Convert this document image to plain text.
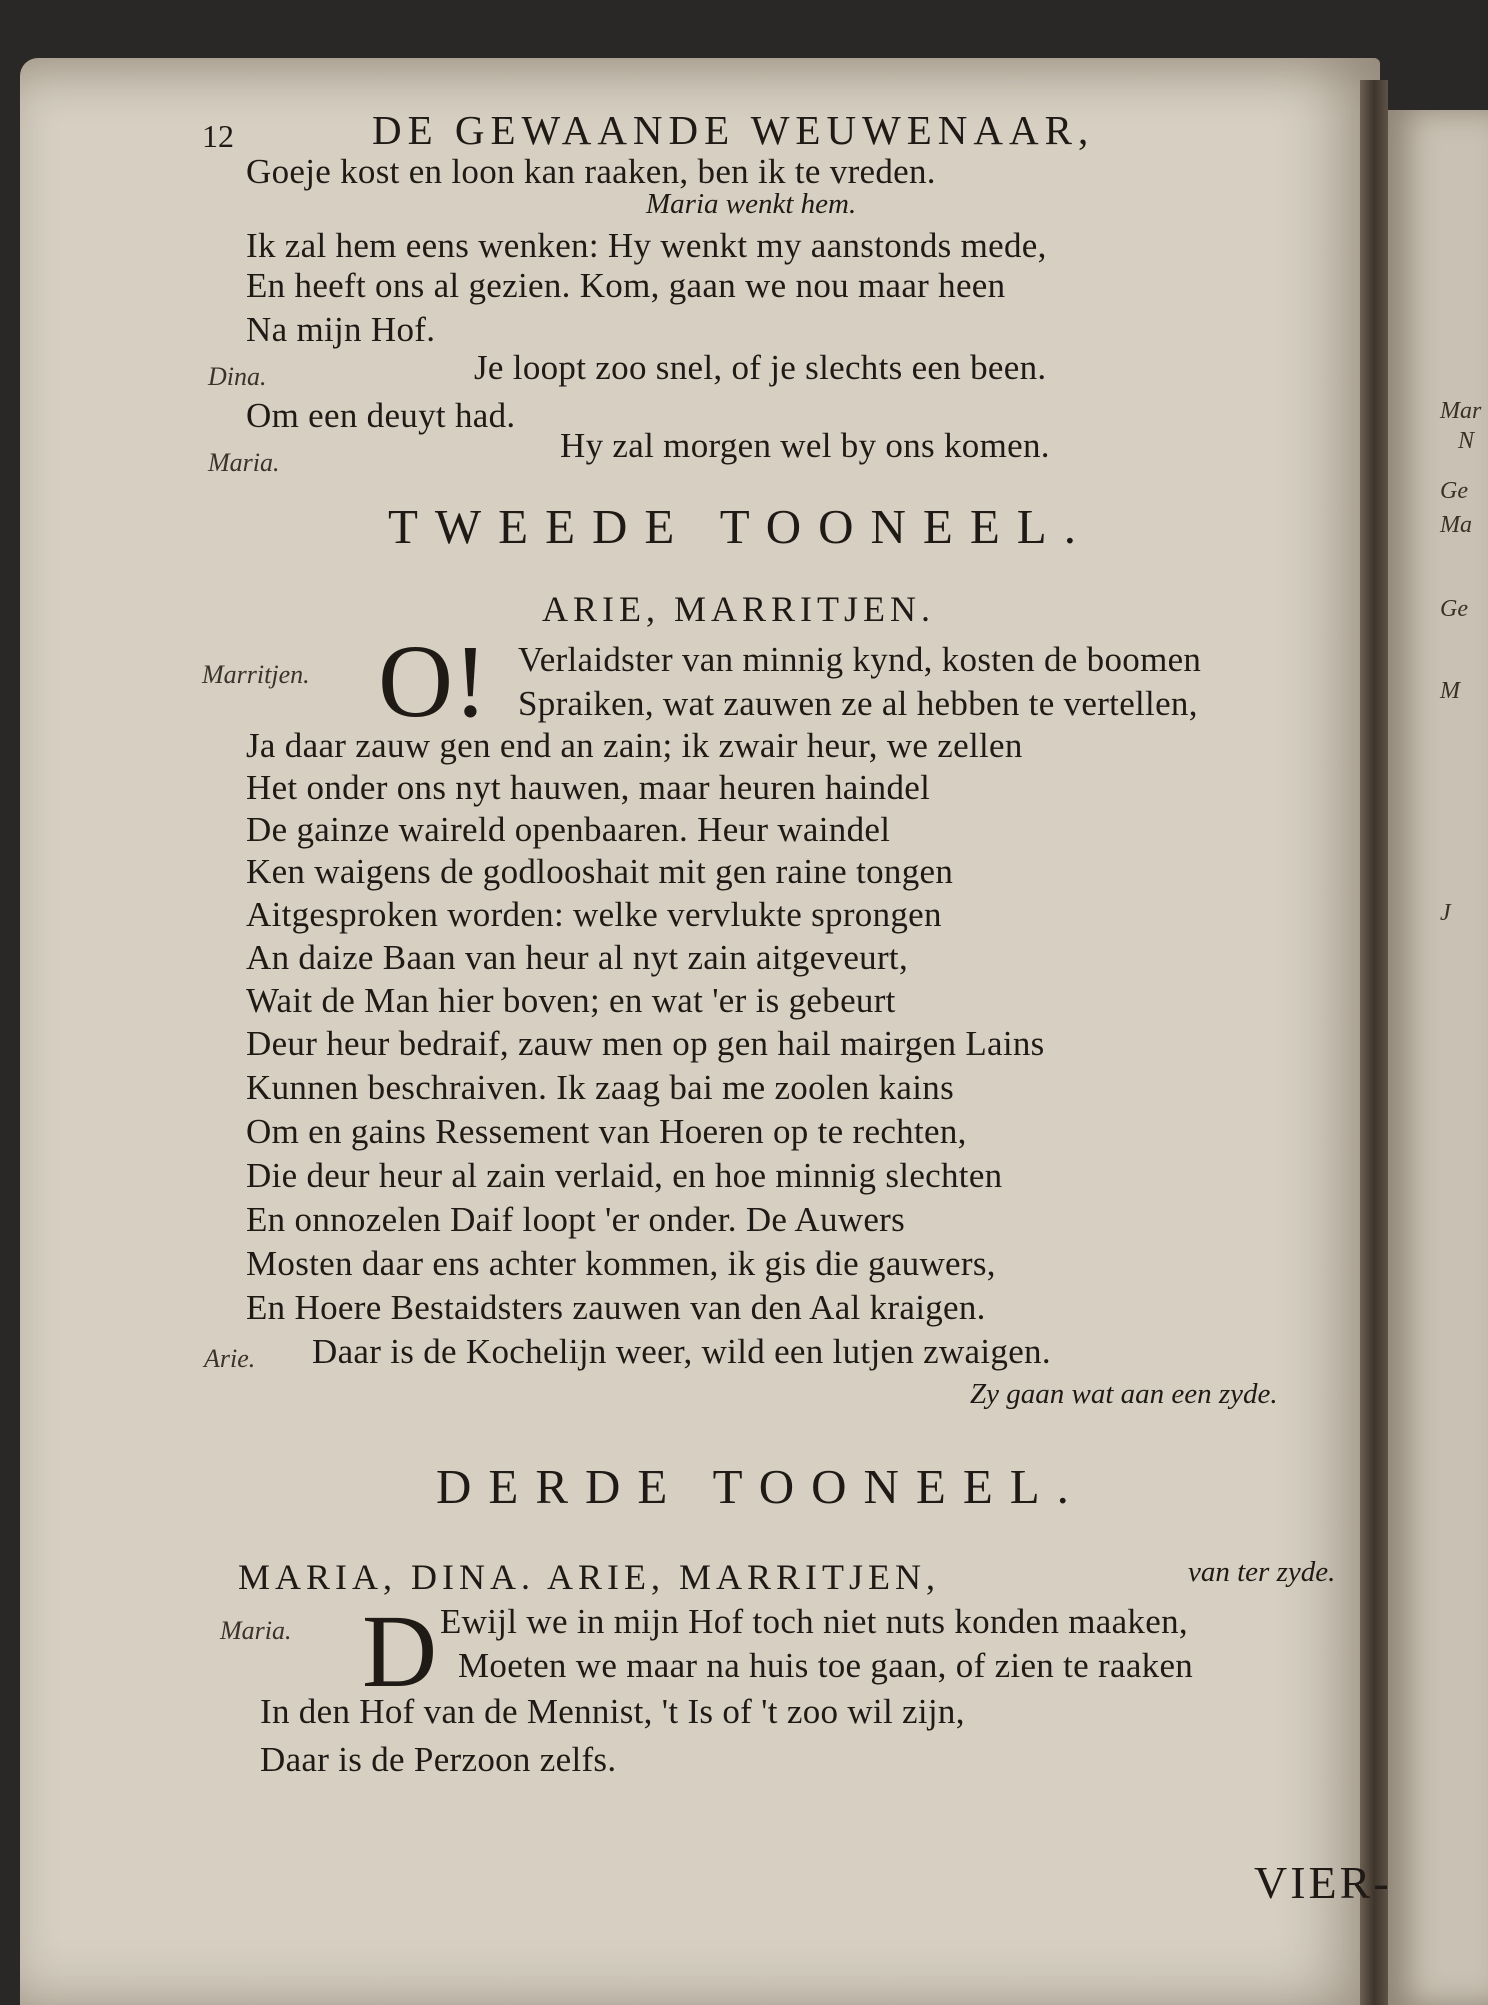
Mar
N
Ge
Ma
Ge
M
J
12	DE GEWAANDE WEUWENAAR,
Goeje kost en loon kan raaken, ben ik te vreden.
Maria wenkt hem.
Ik zal hem eens wenken: Hy wenkt my aanstonds mede,
En heeft ons al gezien. Kom, gaan we nou maar heen
Na mijn Hof.
Dina.	Je loopt zoo snel, of je slechts een been.
Om een deuyt had.
Maria.	Hy zal morgen wel by ons komen.
TWEEDE TOONEEL.
ARIE, MARRITJEN.
Marritjen. O! Verlaidster van minnig kynd, kosten de boomen
Spraiken, wat zauwen ze al hebben te vertellen,
Ja daar zauw gen end an zain; ik zwair heur, we zellen
Het onder ons nyt hauwen, maar heuren haindel
De gainze waireld openbaaren. Heur waindel
Ken waigens de godlooshait mit gen raine tongen
Aitgesproken worden: welke vervlukte sprongen
An daize Baan van heur al nyt zain aitgeveurt,
Wait de Man hier boven; en wat 'er is gebeurt
Deur heur bedraif, zauw men op gen hail mairgen Lains
Kunnen beschraiven. Ik zaag bai me zoolen kains
Om en gains Ressement van Hoeren op te rechten,
Die deur heur al zain verlaid, en hoe minnig slechten
En onnozelen Daif loopt 'er onder. De Auwers
Mosten daar ens achter kommen, ik gis die gauwers,
En Hoere Bestaidsters zauwen van den Aal kraigen.
Arie. Daar is de Kochelijn weer, wild een lutjen zwaigen.
Zy gaan wat aan een zyde.
DERDE TOONEEL.
MARIA, DINA. ARIE, MARRITJEN,	van ter zyde.
Maria. D Ewijl we in mijn Hof toch niet nuts konden maaken,
Moeten we maar na huis toe gaan, of zien te raaken
In den Hof van de Mennist, 't Is of 't zoo wil zijn,
Daar is de Perzoon zelfs.
VIER-
